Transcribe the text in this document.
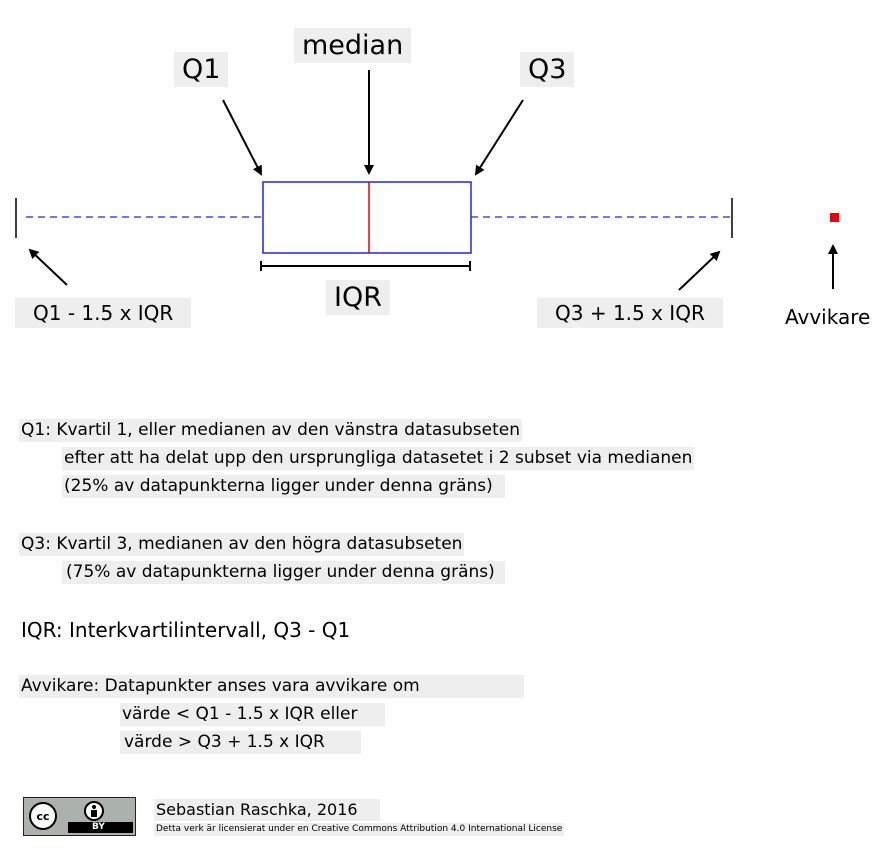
median
Q1	Q3
IQR
Q1 - 1.5 x IQR	Q3 + 1.5 x IQR	Avvikare
Q1: Kvartil 1, eller medianen av den vänstra datasubseten
efter att ha delat upp den ursprungliga datasetet i 2 subset via medianen
(25% av datapunkterna ligger under denna gräns)
Q3: Kvartil 3, medianen av den högra datasubseten
(75% av datapunkterna ligger under denna gräns)
IQR: Interkvartilintervall, Q3 - Q1
Avvikare: Datapunkter anses vara avvikare om
värde < Q1 - 1.5 x IQR eller
värde > Q3 + 1.5 x IQR
cc
BY
Sebastian Raschka, 2016
Detta verk är licensierat under en Creative Commons Attribution 4.0 International License
